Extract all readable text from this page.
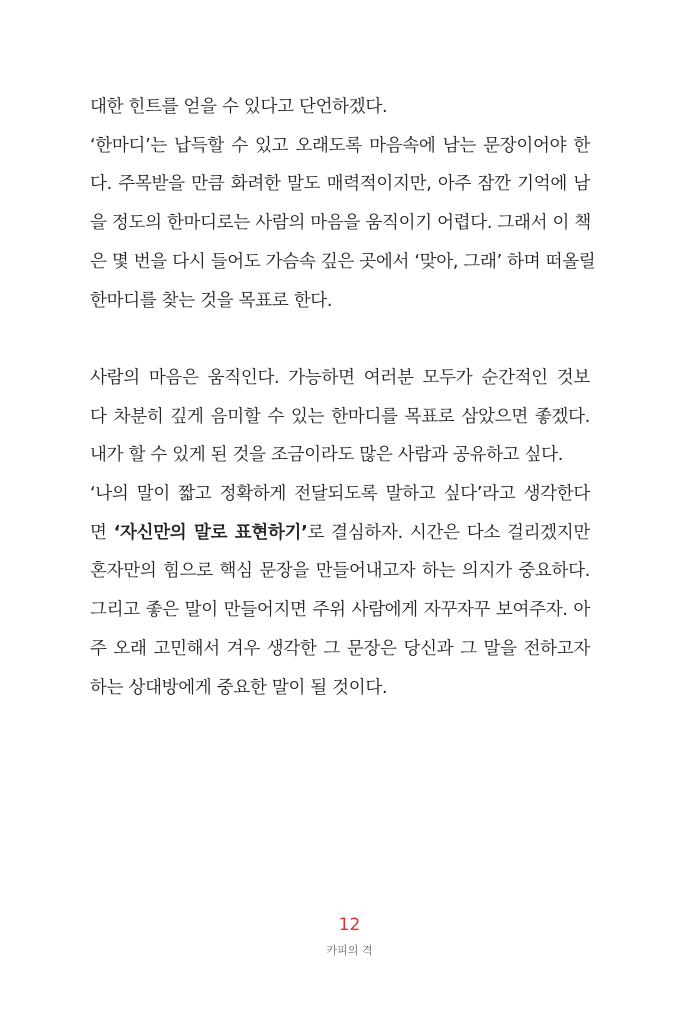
대한 힌트를 얻을 수 있다고 단언하겠다.
‘한마디’는 납득할 수 있고 오래도록 마음속에 남는 문장이어야 한
다. 주목받을 만큼 화려한 말도 매력적이지만, 아주 잠깐 기억에 남
을 정도의 한마디로는 사람의 마음을 움직이기 어렵다. 그래서 이 책
은 몇 번을 다시 들어도 가슴속 깊은 곳에서 ‘맞아, 그래’ 하며 떠올릴
한마디를 찾는 것을 목표로 한다.
사람의 마음은 움직인다. 가능하면 여러분 모두가 순간적인 것보
다 차분히 깊게 음미할 수 있는 한마디를 목표로 삼았으면 좋겠다.
내가 할 수 있게 된 것을 조금이라도 많은 사람과 공유하고 싶다.
‘나의 말이 짧고 정확하게 전달되도록 말하고 싶다’라고 생각한다
면 ‘자신만의 말로 표현하기’로 결심하자. 시간은 다소 걸리겠지만
혼자만의 힘으로 핵심 문장을 만들어내고자 하는 의지가 중요하다.
그리고 좋은 말이 만들어지면 주위 사람에게 자꾸자꾸 보여주자. 아
주 오래 고민해서 겨우 생각한 그 문장은 당신과 그 말을 전하고자
하는 상대방에게 중요한 말이 될 것이다.
12
카피의 격
